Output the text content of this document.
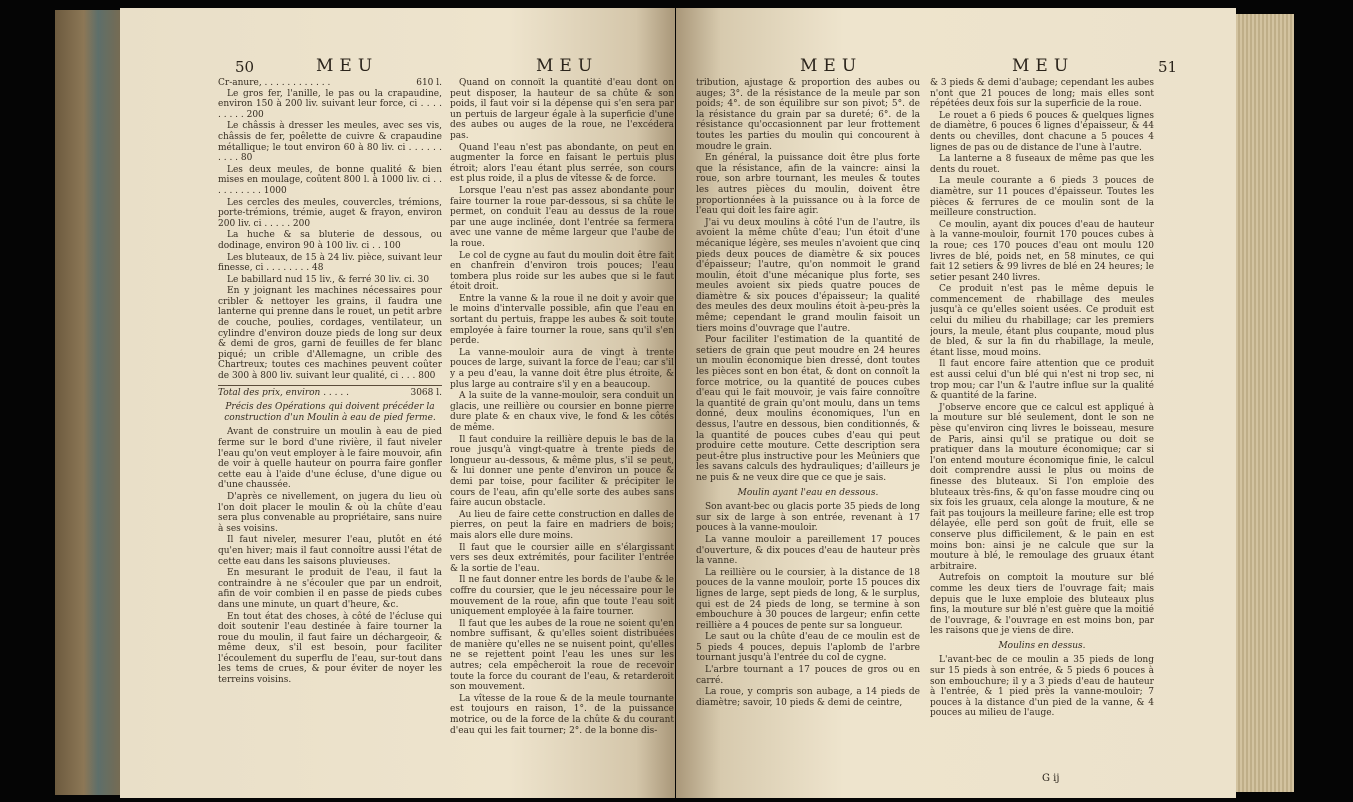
50	MEU	MEU	MEU	MEU	51
Cr-anure, . . . . . . . . . . . .	610 l.

Le gros fer, l'anille, le pas ou la crapaudine, environ 150 à 200 liv. suivant leur force, ci . . . . . . . . . 200

Le châssis à dresser les meules, avec ses vis, châssis de fer, poêlette de cuivre & crapaudine métallique; le tout environ 60 à 80 liv. ci . . . . . . . . . . 80

Les deux meules, de bonne qualité & bien mises en moulage, coûtent 800 l. à 1000 liv. ci . . . . . . . . . . 1000

Les cercles des meules, couvercles, trémions, porte-trémions, trémie, auget & frayon, environ 200 liv. ci . . . . . 200

La huche & sa bluterie de dessous, ou dodinage, environ 90 à 100 liv. ci . . 100

Les bluteaux, de 15 à 24 liv. pièce, suivant leur finesse, ci . . . . . . . . 48

Le babillard nud 15 liv., & ferré 30 liv. ci. 30

En y joignant les machines nécessaires pour cribler & nettoyer les grains, il faudra une lanterne qui prenne dans le rouet, un petit arbre de couche, poulies, cordages, ventilateur, un cylindre d'environ douze pieds de long sur deux & demi de gros, garni de feuilles de fer blanc piqué; un crible d'Allemagne, un crible des Chartreux; toutes ces machines peuvent coûter de 300 à 800 liv. suivant leur qualité, ci . . . 800

Total des prix, environ . . . . .	3068 l.

Précis des Opérations qui doivent précéder la construction d'un Moulin à eau de pied ferme.

Avant de construire un moulin à eau de pied ferme sur le bord d'une rivière, il faut niveler l'eau qu'on veut employer à le faire mouvoir, afin de voir à quelle hauteur on pourra faire gonfler cette eau à l'aide d'une écluse, d'une digue ou d'une chaussée.

D'après ce nivellement, on jugera du lieu où l'on doit placer le moulin & où la chûte d'eau sera plus convenable au propriétaire, sans nuire à ses voisins.

Il faut niveler, mesurer l'eau, plutôt en été qu'en hiver; mais il faut connoître aussi l'état de cette eau dans les saisons pluvieuses.

En mesurant le produit de l'eau, il faut la contraindre à ne s'écouler que par un endroit, afin de voir combien il en passe de pieds cubes dans une minute, un quart d'heure, &c.

En tout état des choses, à côté de l'écluse qui doit soutenir l'eau destinée à faire tourner la roue du moulin, il faut faire un déchargeoir, & même deux, s'il est besoin, pour faciliter l'écoulement du superflu de l'eau, sur-tout dans les tems de crues, & pour éviter de noyer les terreins voisins.

Quand on connoît la quantité d'eau dont on peut disposer, la hauteur de sa chûte & son poids, il faut voir si la dépense qui s'en sera par un pertuis de largeur égale à la superficie d'une des aubes ou auges de la roue, ne l'excédera pas.

Quand l'eau n'est pas abondante, on peut en augmenter la force en faisant le pertuis plus étroit; alors l'eau étant plus serrée, son cours est plus roide, il a plus de vîtesse & de force.

Lorsque l'eau n'est pas assez abondante pour faire tourner la roue par-dessous, si sa chûte le permet, on conduit l'eau au dessus de la roue par une auge inclinée, dont l'entrée sa fermera avec une vanne de même largeur que l'aube de la roue.

Le col de cygne au faut du moulin doit être fait en chanfrein d'environ trois pouces; l'eau tombera plus roide sur les aubes que si le faut étoit droit.

Entre la vanne & la roue il ne doit y avoir que le moins d'intervalle possible, afin que l'eau en sortant du pertuis, frappe les aubes & soit toute employée à faire tourner la roue, sans qu'il s'en perde.

La vanne-mouloir aura de vingt à trente pouces de large, suivant la force de l'eau; car s'il y a peu d'eau, la vanne doit être plus étroite, & plus large au contraire s'il y en a beaucoup.

A la suite de la vanne-mouloir, sera conduit un glacis, une reillière ou coursier en bonne pierre dure plate & en chaux vive, le fond & les côtés de même.

Il faut conduire la reillière depuis le bas de la roue jusqu'à vingt-quatre à trente pieds de longueur au-dessous, & même plus, s'il se peut, & lui donner une pente d'environ un pouce & demi par toise, pour faciliter & précipiter le cours de l'eau, afin qu'elle sorte des aubes sans faire aucun obstacle.

Au lieu de faire cette construction en dalles de pierres, on peut la faire en madriers de bois; mais alors elle dure moins.

Il faut que le coursier aille en s'élargissant vers ses deux extrémités, pour faciliter l'entrée & la sortie de l'eau.

Il ne faut donner entre les bords de l'aube & le coffre du coursier, que le jeu nécessaire pour le mouvement de la roue, afin que toute l'eau soit uniquement employée à la faire tourner.

Il faut que les aubes de la roue ne soient qu'en nombre suffisant, & qu'elles soient distribuées de manière qu'elles ne se nuisent point, qu'elles ne se rejettent point l'eau les unes sur les autres; cela empêcheroit la roue de recevoir toute la force du courant de l'eau, & retarderoit son mouvement.

La vîtesse de la roue & de la meule tournante est toujours en raison, 1°. de la puissance motrice, ou de la force de la chûte & du courant d'eau qui les fait tourner; 2°. de la bonne dis-

tribution, ajustage & proportion des aubes ou auges; 3°. de la résistance de la meule par son poids; 4°. de son équilibre sur son pivot; 5°. de la résistance du grain par sa dureté; 6°. de la résistance qu'occasionnent par leur frottement toutes les parties du moulin qui concourent à moudre le grain.

En général, la puissance doit être plus forte que la résistance, afin de la vaincre: ainsi la roue, son arbre tournant, les meules & toutes les autres pièces du moulin, doivent être proportionnées à la puissance ou à la force de l'eau qui doit les faire agir.

J'ai vu deux moulins à côté l'un de l'autre, ils avoient la même chûte d'eau; l'un étoit d'une mécanique légère, ses meules n'avoient que cinq pieds deux pouces de diamètre & six pouces d'épaisseur; l'autre, qu'on nommoit le grand moulin, étoit d'une mécanique plus forte, ses meules avoient six pieds quatre pouces de diamètre & six pouces d'épaisseur; la qualité des meules des deux moulins étoit à-peu-près la même; cependant le grand moulin faisoit un tiers moins d'ouvrage que l'autre.

Pour faciliter l'estimation de la quantité de setiers de grain que peut moudre en 24 heures un moulin économique bien dressé, dont toutes les pièces sont en bon état, & dont on connoît la force motrice, ou la quantité de pouces cubes d'eau qui le fait mouvoir, je vais faire connoître la quantité de grain qu'ont moulu, dans un tems donné, deux moulins économiques, l'un en dessus, l'autre en dessous, bien conditionnés, & la quantité de pouces cubes d'eau qui peut produire cette mouture. Cette description sera peut-être plus instructive pour les Meûniers que les savans calculs des hydrauliques; d'ailleurs je ne puis & ne veux dire que ce que je sais.

Moulin ayant l'eau en dessous.

Son avant-bec ou glacis porte 35 pieds de long sur six de large à son entrée, revenant à 17 pouces à la vanne-mouloir.

La vanne mouloir a pareillement 17 pouces d'ouverture, & dix pouces d'eau de hauteur près la vanne.

La reillière ou le coursier, à la distance de 18 pouces de la vanne mouloir, porte 15 pouces dix lignes de large, sept pieds de long, & le surplus, qui est de 24 pieds de long, se termine à son embouchure à 30 pouces de largeur; enfin cette reillière a 4 pouces de pente sur sa longueur.

Le saut ou la chûte d'eau de ce moulin est de 5 pieds 4 pouces, depuis l'aplomb de l'arbre tournant jusqu'à l'entrée du col de cygne.

L'arbre tournant a 17 pouces de gros ou en carré.

La roue, y compris son aubage, a 14 pieds de diamètre; savoir, 10 pieds & demi de ceintre,

& 3 pieds & demi d'aubage; cependant les aubes n'ont que 21 pouces de long; mais elles sont répétées deux fois sur la superficie de la roue.

Le rouet a 6 pieds 6 pouces & quelques lignes de diamètre, 6 pouces 6 lignes d'épaisseur, & 44 dents ou chevilles, dont chacune a 5 pouces 4 lignes de pas ou de distance de l'une à l'autre.

La lanterne a 8 fuseaux de même pas que les dents du rouet.

La meule courante a 6 pieds 3 pouces de diamètre, sur 11 pouces d'épaisseur. Toutes les pièces & ferrures de ce moulin sont de la meilleure construction.

Ce moulin, ayant dix pouces d'eau de hauteur à la vanne-mouloir, fournit 170 pouces cubes à la roue; ces 170 pouces d'eau ont moulu 120 livres de blé, poids net, en 58 minutes, ce qui fait 12 setiers & 99 livres de blé en 24 heures; le setier pesant 240 livres.

Ce produit n'est pas le même depuis le commencement de rhabillage des meules jusqu'à ce qu'elles soient usées. Ce produit est celui du milieu du rhabillage; car les premiers jours, la meule, étant plus coupante, moud plus de bled, & sur la fin du rhabillage, la meule, étant lisse, moud moins.

Il faut encore faire attention que ce produit est aussi celui d'un blé qui n'est ni trop sec, ni trop mou; car l'un & l'autre influe sur la qualité & quantité de la farine.

J'observe encore que ce calcul est appliqué à la mouture sur blé seulement, dont le son ne pèse qu'environ cinq livres le boisseau, mesure de Paris, ainsi qu'il se pratique ou doit se pratiquer dans la mouture économique; car si l'on entend mouture économique finie, le calcul doit comprendre aussi le plus ou moins de finesse des bluteaux. Si l'on emploie des bluteaux très-fins, & qu'on fasse moudre cinq ou six fois les gruaux, cela alonge la mouture, & ne fait pas toujours la meilleure farine; elle est trop délayée, elle perd son goût de fruit, elle se conserve plus difficilement, & le pain en est moins bon: ainsi je ne calcule que sur la mouture à blé, le remoulage des gruaux étant arbitraire.

Autrefois on comptoit la mouture sur blé comme les deux tiers de l'ouvrage fait; mais depuis que le luxe emploie des bluteaux plus fins, la mouture sur blé n'est guère que la moitié de l'ouvrage, & l'ouvrage en est moins bon, par les raisons que je viens de dire.

Moulins en dessus.

L'avant-bec de ce moulin a 35 pieds de long sur 15 pieds à son entrée, & 5 pieds 6 pouces à son embouchure; il y a 3 pieds d'eau de hauteur à l'entrée, & 1 pied près la vanne-mouloir; 7 pouces à la distance d'un pied de la vanne, & 4 pouces au milieu de l'auge.

G ij
